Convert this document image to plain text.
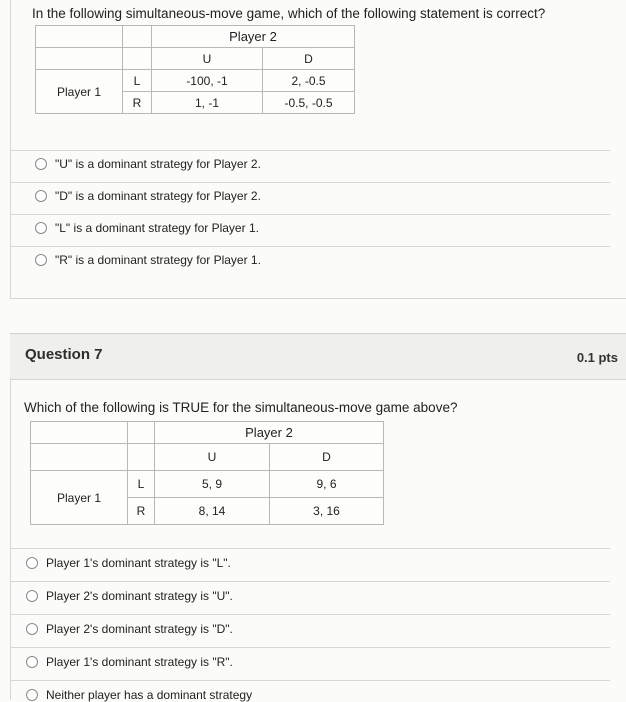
In the following simultaneous-move game, which of the following statement is correct?
		Player 2	
		U	D
Player 1	L	-100, -1	2, -0.5
	R	1, -1	-0.5, -0.5
"U" is a dominant strategy for Player 2.
"D" is a dominant strategy for Player 2.
"L" is a dominant strategy for Player 1.
"R" is a dominant strategy for Player 1.
Question 7	0.1 pts
Which of the following is TRUE for the simultaneous-move game above?
		Player 2	
		U	D
Player 1	L	5, 9	9, 6
	R	8, 14	3, 16
Player 1's dominant strategy is "L".
Player 2's dominant strategy is "U".
Player 2's dominant strategy is "D".
Player 1's dominant strategy is "R".
Neither player has a dominant strategy
